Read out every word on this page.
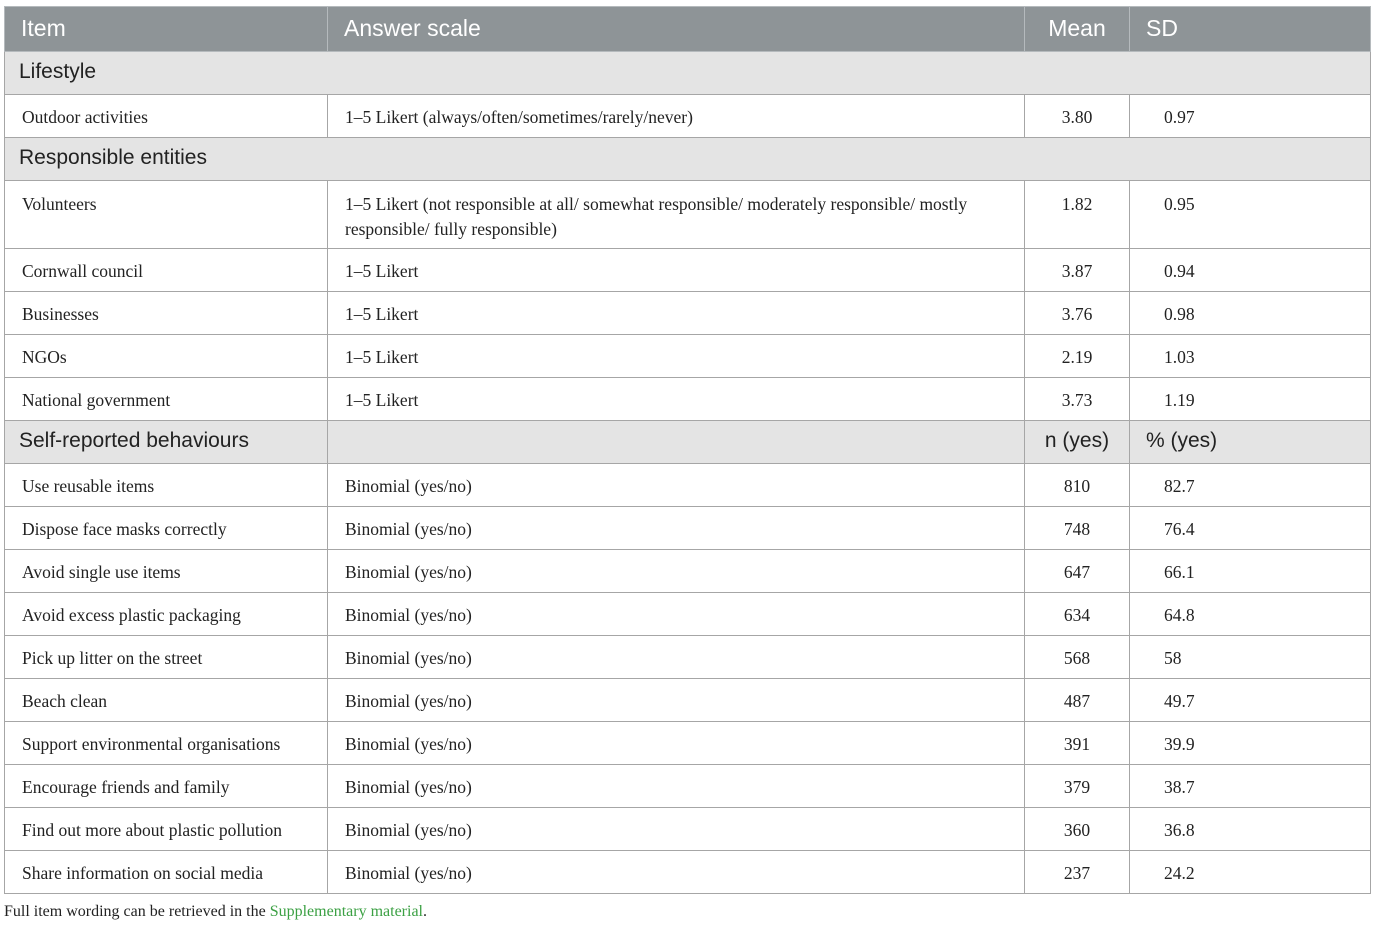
Item	Answer scale	Mean	SD
Lifestyle			
Outdoor activities	1–5 Likert (always/often/sometimes/rarely/never)	3.80	0.97
Responsible entities			
Volunteers	1–5 Likert (not responsible at all/ somewhat responsible/ moderately responsible/ mostly responsible/ fully responsible)	1.82	0.95
Cornwall council	1–5 Likert	3.87	0.94
Businesses	1–5 Likert	3.76	0.98
NGOs	1–5 Likert	2.19	1.03
National government	1–5 Likert	3.73	1.19
Self-reported behaviours		n (yes)	% (yes)
Use reusable items	Binomial (yes/no)	810	82.7
Dispose face masks correctly	Binomial (yes/no)	748	76.4
Avoid single use items	Binomial (yes/no)	647	66.1
Avoid excess plastic packaging	Binomial (yes/no)	634	64.8
Pick up litter on the street	Binomial (yes/no)	568	58
Beach clean	Binomial (yes/no)	487	49.7
Support environmental organisations	Binomial (yes/no)	391	39.9
Encourage friends and family	Binomial (yes/no)	379	38.7
Find out more about plastic pollution	Binomial (yes/no)	360	36.8
Share information on social media	Binomial (yes/no)	237	24.2

Full item wording can be retrieved in the Supplementary material.
